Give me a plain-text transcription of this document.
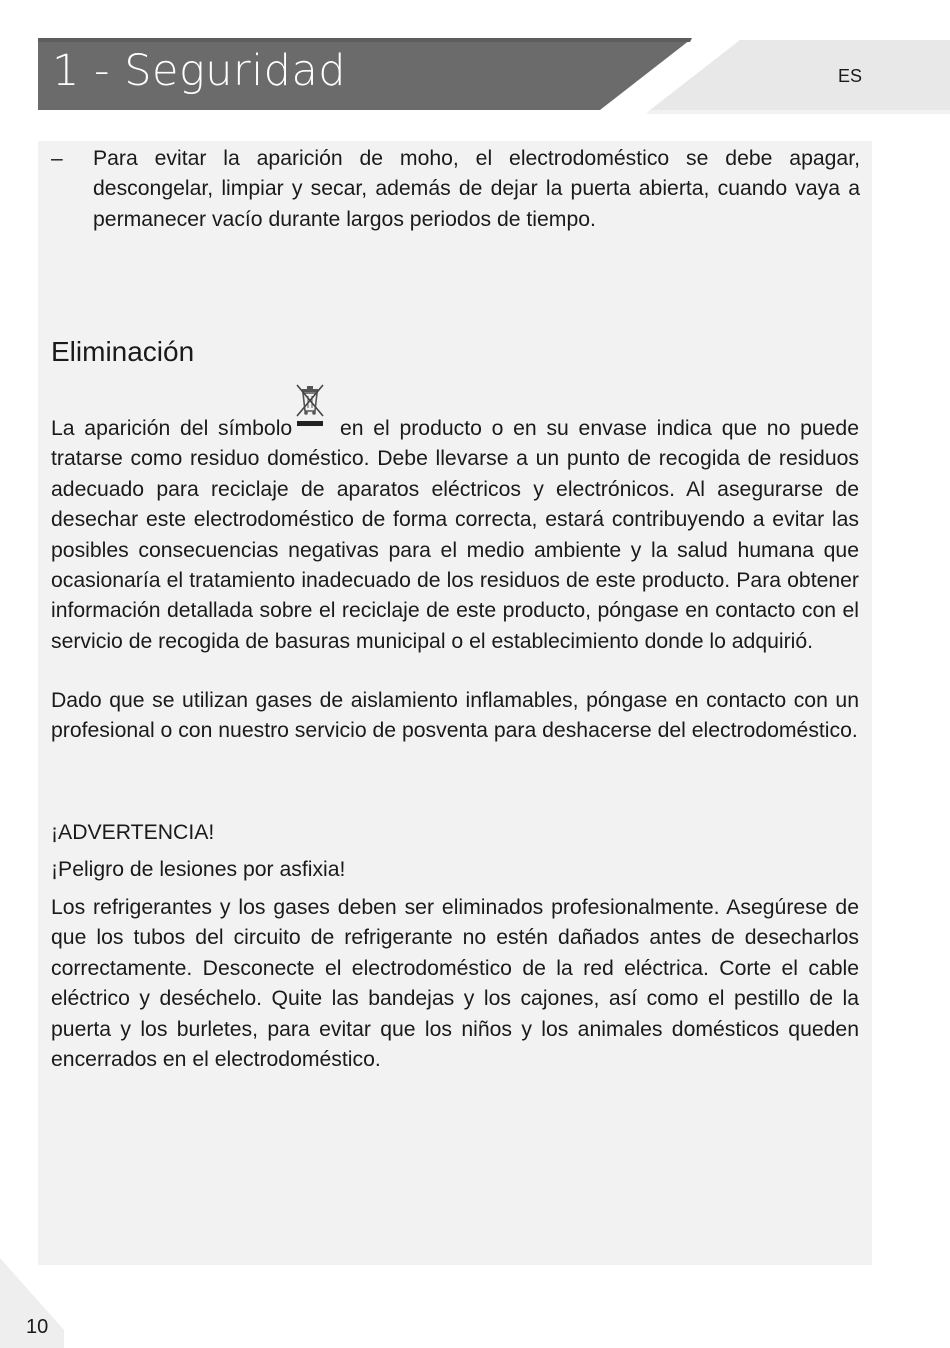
1 - Seguridad	ES
– Para evitar la aparición de moho, el electrodoméstico se debe apagar, descongelar, limpiar y secar, además de dejar la puerta abierta, cuando vaya a permanecer vacío durante largos periodos de tiempo.

Eliminación

La aparición del símbolo en el producto o en su envase indica que no puede tratarse como residuo doméstico. Debe llevarse a un punto de recogida de residuos adecuado para reciclaje de aparatos eléctricos y electrónicos. Al asegurarse de desechar este electrodoméstico de forma correcta, estará contribuyendo a evitar las posibles consecuencias negativas para el medio ambiente y la salud humana que ocasionaría el tratamiento inadecuado de los residuos de este producto. Para obtener información detallada sobre el reciclaje de este producto, póngase en contacto con el servicio de recogida de basuras municipal o el establecimiento donde lo adquirió.

Dado que se utilizan gases de aislamiento inflamables, póngase en contacto con un profesional o con nuestro servicio de posventa para deshacerse del electrodoméstico.

¡ADVERTENCIA!

¡Peligro de lesiones por asfixia!

Los refrigerantes y los gases deben ser eliminados profesionalmente. Asegúrese de que los tubos del circuito de refrigerante no estén dañados antes de desecharlos correctamente. Desconecte el electrodoméstico de la red eléctrica. Corte el cable eléctrico y deséchelo. Quite las bandejas y los cajones, así como el pestillo de la puerta y los burletes, para evitar que los niños y los animales domésticos queden encerrados en el electrodoméstico.

10
